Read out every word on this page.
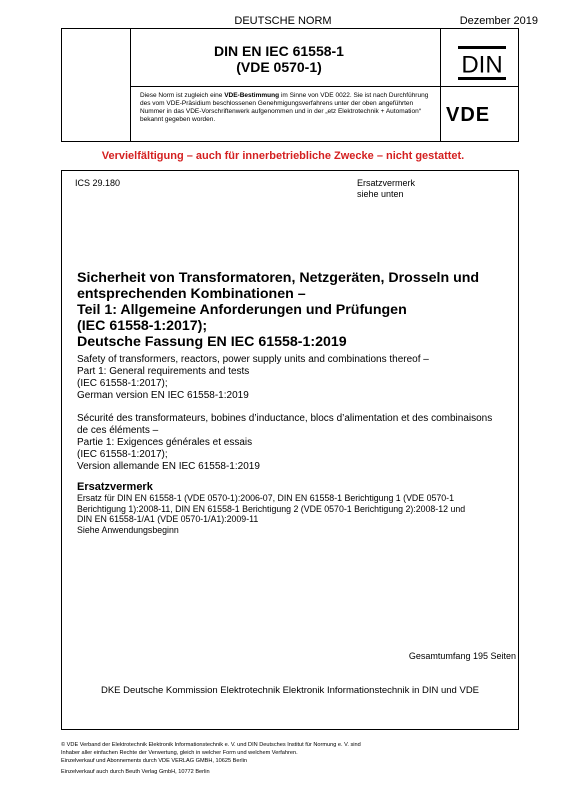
DEUTSCHE NORM	Dezember 2019
DIN EN IEC 61558-1
(VDE 0570-1)	DIN
Diese Norm ist zugleich eine VDE-Bestimmung im Sinne von VDE 0022. Sie ist nach Durchführung des vom VDE-Präsidium beschlossenen Genehmigungsverfahrens unter der oben angeführten Nummer in das VDE-Vorschriftenwerk aufgenommen und in der „etz Elektrotechnik + Automation“ bekannt gegeben worden.	VDE
Vervielfältigung – auch für innerbetriebliche Zwecke – nicht gestattet.
ICS 29.180	Ersatzvermerk
siehe unten
Sicherheit von Transformatoren, Netzgeräten, Drosseln und
entsprechenden Kombinationen –
Teil 1: Allgemeine Anforderungen und Prüfungen
(IEC 61558-1:2017);
Deutsche Fassung EN IEC 61558-1:2019
Safety of transformers, reactors, power supply units and combinations thereof –
Part 1: General requirements and tests
(IEC 61558-1:2017);
German version EN IEC 61558-1:2019
Sécurité des transformateurs, bobines d’inductance, blocs d’alimentation et des combinaisons
de ces éléments –
Partie 1: Exigences générales et essais
(IEC 61558-1:2017);
Version allemande EN IEC 61558-1:2019
Ersatzvermerk
Ersatz für DIN EN 61558-1 (VDE 0570-1):2006-07, DIN EN 61558-1 Berichtigung 1 (VDE 0570-1
Berichtigung 1):2008-11, DIN EN 61558-1 Berichtigung 2 (VDE 0570-1 Berichtigung 2):2008-12 und
DIN EN 61558-1/A1 (VDE 0570-1/A1):2009-11
Siehe Anwendungsbeginn
Gesamtumfang 195 Seiten
DKE Deutsche Kommission Elektrotechnik Elektronik Informationstechnik in DIN und VDE
© VDE Verband der Elektrotechnik Elektronik Informationstechnik e. V. und DIN Deutsches Institut für Normung e. V. sind
Inhaber aller einfachen Rechte der Verwertung, gleich in welcher Form und welchem Verfahren.
Einzelverkauf und Abonnements durch VDE VERLAG GMBH, 10625 Berlin
Einzelverkauf auch durch Beuth Verlag GmbH, 10772 Berlin
